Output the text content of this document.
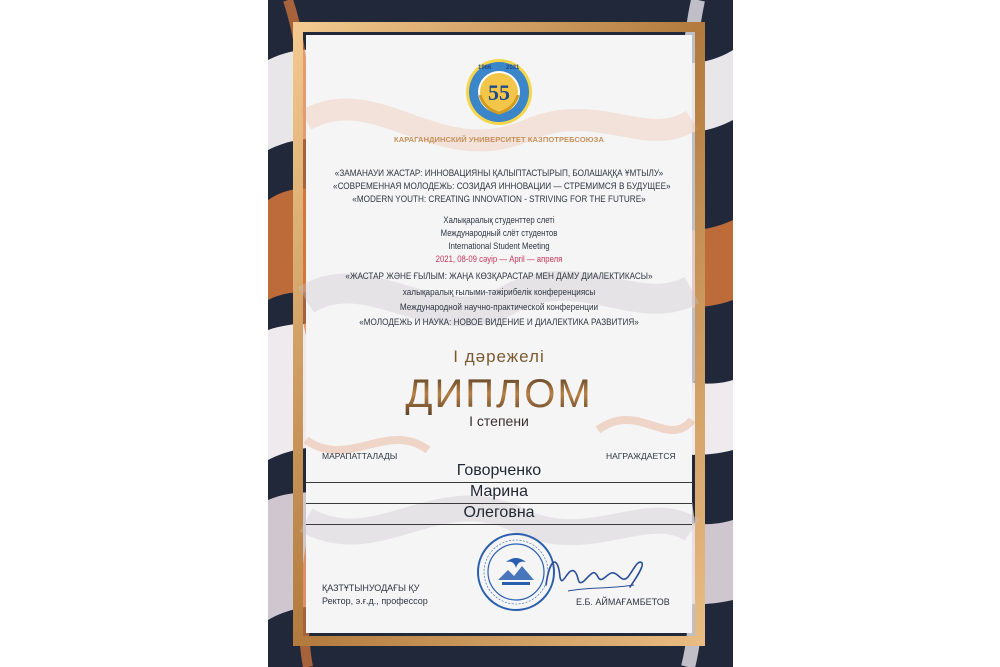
55
1966 2021
КАРАГАНДИНСКИЙ УНИВЕРСИТЕТ КАЗПОТРЕБСОЮЗА
«ЗАМАНАУИ ЖАСТАР: ИННОВАЦИЯНЫ ҚАЛЫПТАСТЫРЫП, БОЛАШАҚҚА ҰМТЫЛУ»
«СОВРЕМЕННАЯ МОЛОДЕЖЬ: СОЗИДАЯ ИННОВАЦИИ — СТРЕМИМСЯ В БУДУЩЕЕ»
«MODERN YOUTH: CREATING INNOVATION - STRIVING FOR THE FUTURE»
Халықаралық студенттер слеті
Международный слёт студентов
International Student Meeting
2021, 08-09 сәуір — April — апреля
«ЖАСТАР ЖӘНЕ ҒЫЛЫМ: ЖАҢА КӨЗҚАРАСТАР МЕН ДАМУ ДИАЛЕКТИКАСЫ»
халықаралық ғылыми-тәжірибелік конференциясы
Международной научно-практической конференции
«МОЛОДЕЖЬ И НАУКА: НОВОЕ ВИДЕНИЕ И ДИАЛЕКТИКА РАЗВИТИЯ»
І дәрежелі
ДИПЛОМ
І степени
МАРАПАТТАЛАДЫ	НАГРАЖДАЕТСЯ
Говорченко
Марина
Олеговна
ҚАЗТҰТЫНУОДАҒЫ ҚУ
Ректор, э.ғ.д., профессор	Е.Б. АЙМАҒАМБЕТОВ
